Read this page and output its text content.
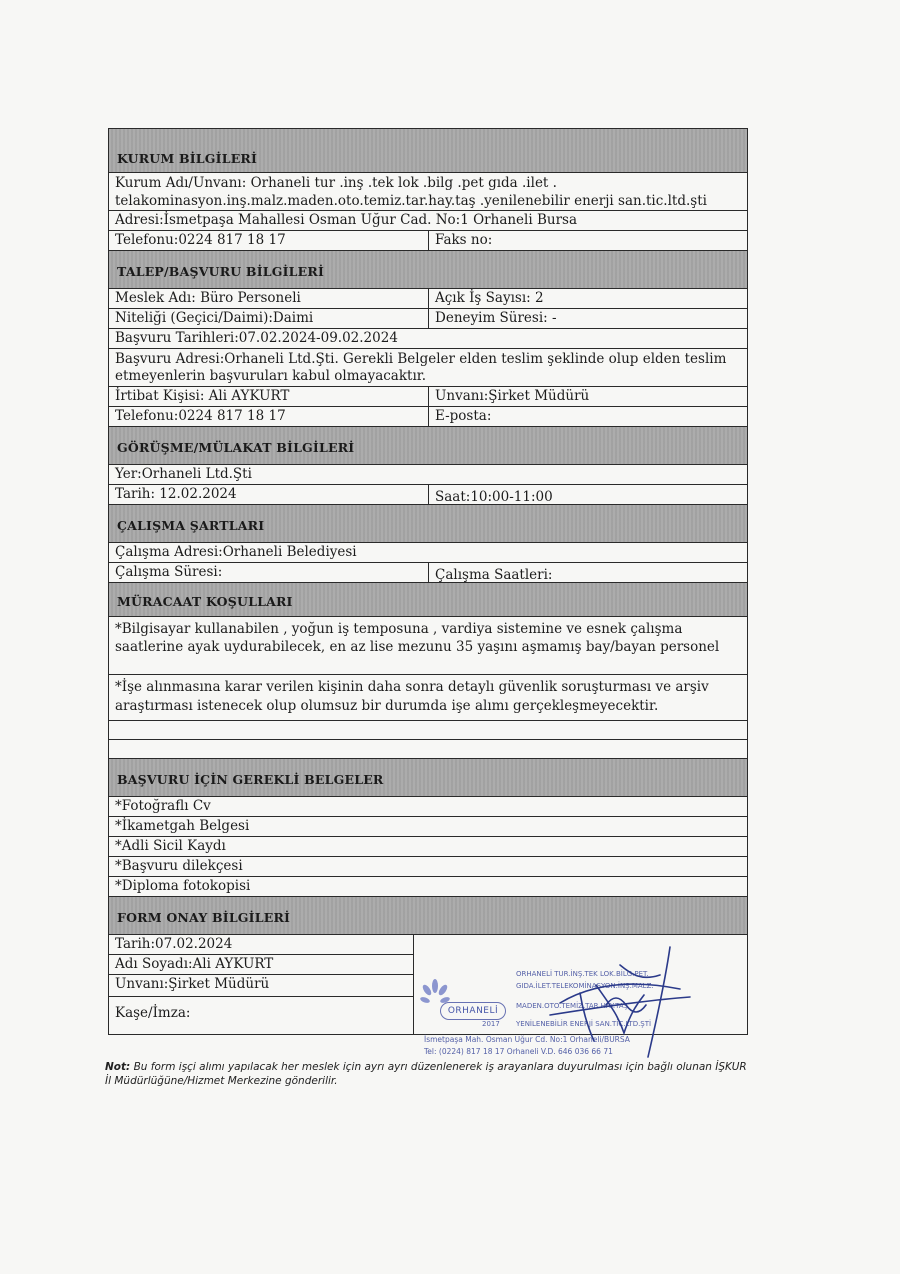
KURUM BİLGİLERİ
Kurum Adı/Unvanı: Orhaneli tur .inş .tek lok .bilg .pet gıda .ilet .
telakominasyon.inş.malz.maden.oto.temiz.tar.hay.taş .yenilenebilir enerji san.tic.ltd.şti
Adresi:İsmetpaşa Mahallesi Osman Uğur Cad. No:1 Orhaneli Bursa
Telefonu:0224 817 18 17	Faks no:
TALEP/BAŞVURU BİLGİLERİ
Meslek Adı: Büro Personeli	Açık İş Sayısı: 2
Niteliği (Geçici/Daimi):Daimi	Deneyim Süresi: -
Başvuru Tarihleri:07.02.2024-09.02.2024
Başvuru Adresi:Orhaneli Ltd.Şti. Gerekli Belgeler elden teslim şeklinde olup elden teslim etmeyenlerin başvuruları kabul olmayacaktır.
İrtibat Kişisi: Ali AYKURT	Unvanı:Şirket Müdürü
Telefonu:0224 817 18 17	E-posta:
GÖRÜŞME/MÜLAKAT BİLGİLERİ
Yer:Orhaneli Ltd.Şti
Tarih: 12.02.2024	Saat:10:00-11:00
ÇALIŞMA ŞARTLARI
Çalışma Adresi:Orhaneli Belediyesi
Çalışma Süresi:	Çalışma Saatleri:
MÜRACAAT KOŞULLARI
*Bilgisayar kullanabilen , yoğun iş temposuna , vardiya sistemine ve esnek çalışma saatlerine ayak uydurabilecek, en az lise mezunu 35 yaşını aşmamış bay/bayan personel
*İşe alınmasına karar verilen kişinin daha sonra detaylı güvenlik soruşturması ve arşiv araştırması istenecek olup olumsuz bir durumda işe alımı gerçekleşmeyecektir.
BAŞVURU İÇİN GEREKLİ BELGELER
*Fotoğraflı Cv
*İkametgah Belgesi
*Adli Sicil Kaydı
*Başvuru dilekçesi
*Diploma fotokopisi
FORM ONAY BİLGİLERİ
Tarih:07.02.2024
Adı Soyadı:Ali AYKURT
Unvanı:Şirket Müdürü
Kaşe/İmza:
ORHANELİ TUR.İNŞ.TEK LOK.BİLG.PET.
GIDA.İLET.TELEKOMİNASYON.İNŞ.MALZ.
ORHANELİ	MADEN.OTO.TEMİZ.TAR.HAY.TAŞ
2017 YENİLENEBİLİR ENERJİ SAN.TİC.LTD.ŞTİ
İsmetpaşa Mah. Osman Uğur Cd. No:1 Orhaneli/BURSA
Tel: (0224) 817 18 17 Orhaneli V.D. 646 036 66 71
Not: Bu form işçi alımı yapılacak her meslek için ayrı ayrı düzenlenerek iş arayanlara duyurulması için bağlı olunan İŞKUR İl Müdürlüğüne/Hizmet Merkezine gönderilir.
